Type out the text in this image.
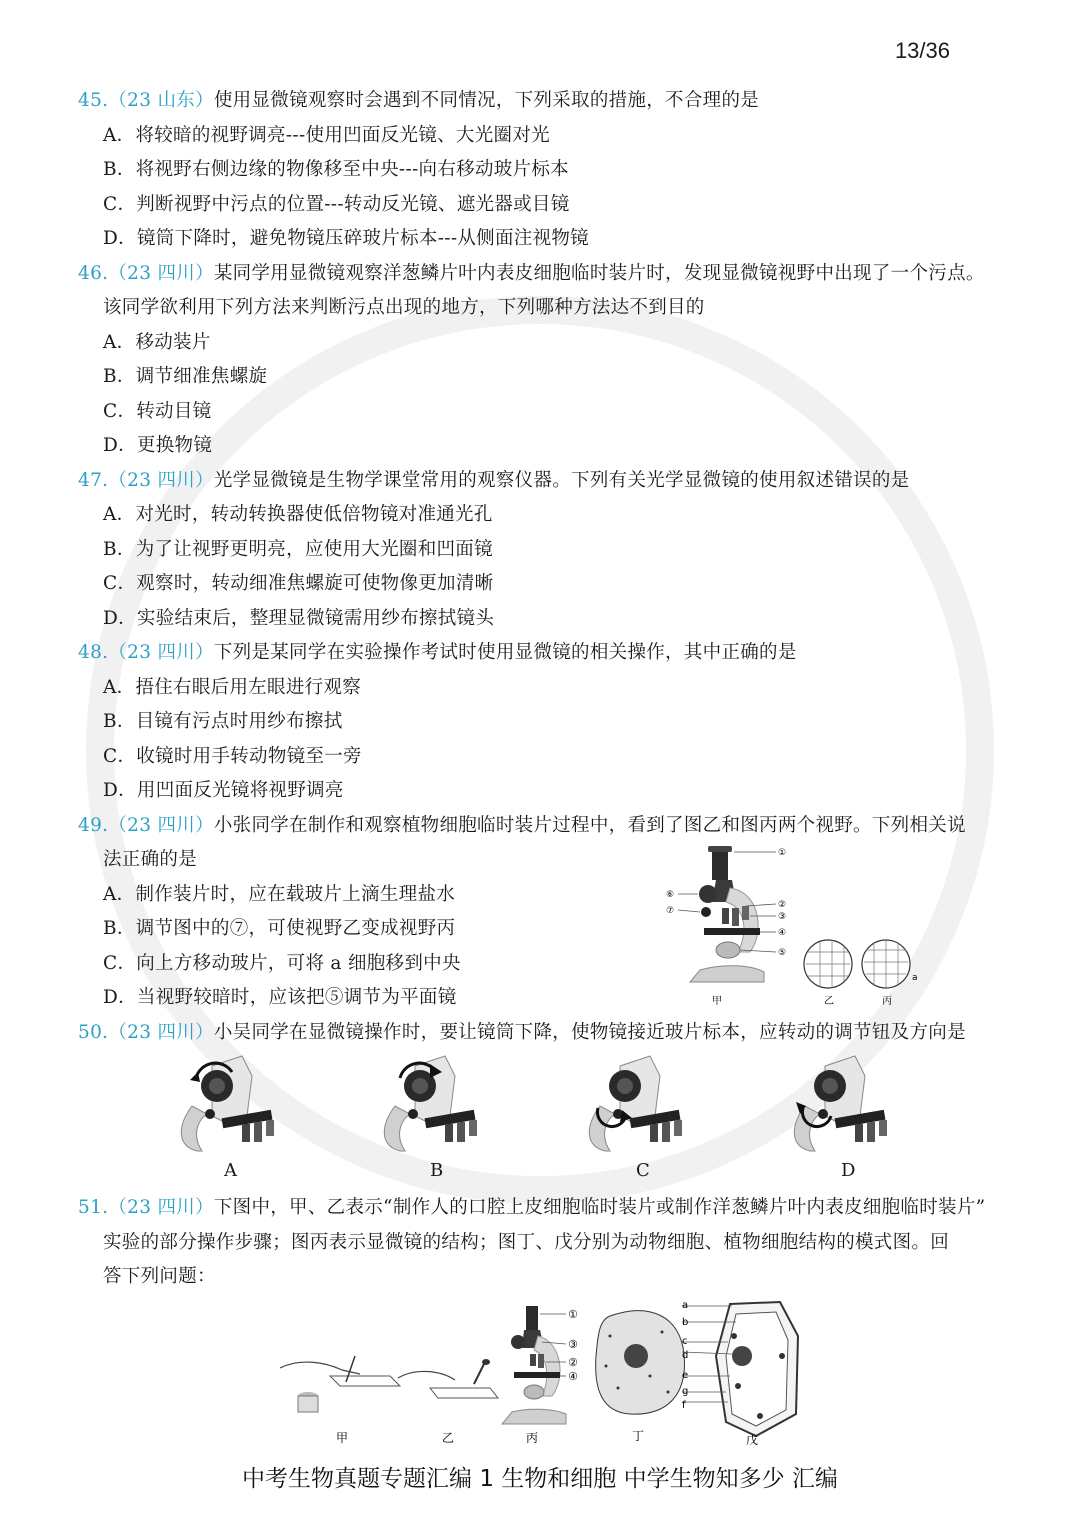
13/36
45.（23 山东）使用显微镜观察时会遇到不同情况，下列采取的措施，不合理的是
A．将较暗的视野调亮---使用凹面反光镜、大光圈对光
B．将视野右侧边缘的物像移至中央---向右移动玻片标本
C．判断视野中污点的位置---转动反光镜、遮光器或目镜
D．镜筒下降时，避免物镜压碎玻片标本---从侧面注视物镜
46.（23 四川）某同学用显微镜观察洋葱鳞片叶内表皮细胞临时装片时，发现显微镜视野中出现了一个污点。
该同学欲利用下列方法来判断污点出现的地方，下列哪种方法达不到目的
A．移动装片
B．调节细准焦螺旋
C．转动目镜
D．更换物镜
47.（23 四川）光学显微镜是生物学课堂常用的观察仪器。下列有关光学显微镜的使用叙述错误的是
A．对光时，转动转换器使低倍物镜对准通光孔
B．为了让视野更明亮，应使用大光圈和凹面镜
C．观察时，转动细准焦螺旋可使物像更加清晰
D．实验结束后，整理显微镜需用纱布擦拭镜头
48.（23 四川）下列是某同学在实验操作考试时使用显微镜的相关操作，其中正确的是
A．捂住右眼后用左眼进行观察
B．目镜有污点时用纱布擦拭
C．收镜时用手转动物镜至一旁
D．用凹面反光镜将视野调亮
49.（23 四川）小张同学在制作和观察植物细胞临时装片过程中，看到了图乙和图丙两个视野。下列相关说
法正确的是
A．制作装片时，应在载玻片上滴生理盐水
B．调节图中的⑦，可使视野乙变成视野丙
C．向上方移动玻片，可将 a 细胞移到中央
D．当视野较暗时，应该把⑤调节为平面镜
①
②
③
④
⑤
⑥
⑦
甲
a
乙	丙
50.（23 四川）小吴同学在显微镜操作时，要让镜筒下降，使物镜接近玻片标本，应转动的调节钮及方向是
A	B	C	D
51.（23 四川）下图中，甲、乙表示“制作人的口腔上皮细胞临时装片或制作洋葱鳞片叶内表皮细胞临时装片”
实验的部分操作步骤；图丙表示显微镜的结构；图丁、戊分别为动物细胞、植物细胞结构的模式图。回
答下列问题：
甲	乙
①
②
③
④
丙	丁
a
b
c
d
e
g
f
戊
中考生物真题专题汇编 1 生物和细胞 中学生物知多少 汇编
